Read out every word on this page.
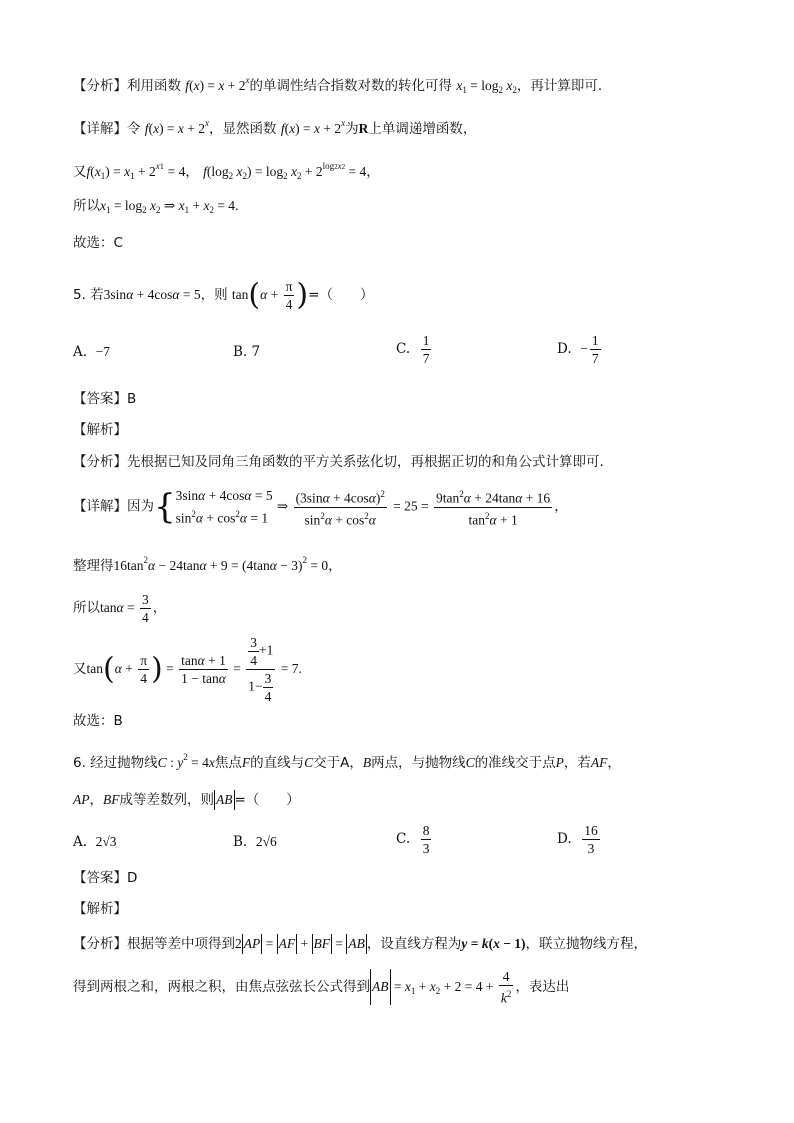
【分析】利用函数 $f(x) = x + 2^x$的单调性结合指数对数的转化可得 $x_1 = \log_2 x_2$，再计算即可.
【详解】令 $f(x) = x + 2^x$，显然函数 $f(x) = x + 2^x$为R上单调递增函数，
又$f(x_1) = x_1 + 2^{x1} = 4$， $f(\log_2$ $x_2) = \log_2 x_2 + 2^{log2x2} = 4$，
所以$x_1 = \log_2 x_2$ ⇒ $x_1 + x_2 = 4$.
故选：C
5. 若3sinα + 4cosα = 5，则 $\tan(\alpha + \frac{\pi}{4}$ )=（　　）
A. −7	B. 7	C. $\frac{1}{7}$	D. − $\frac{1}{7}$
【答案】B
【解析】
【分析】先根据已知及同角三角函数的平方关系弦化切，再根据正切的和角公式计算即可.
【详解】因为{ 3sinα + 4cosα = 5
$\sin^2\alpha + \cos^2\alpha = 1$
⇒ $\frac{(3\sin\alpha + 4\cos\alpha)^2}{\sin^2\alpha + \cos^2\alpha} = 25 = \frac{9\tan^2\alpha + 24\tan\alpha + 16}{\tan^2\alpha + 1}$ ，
整理得$16\tan^2\alpha - 24\tan\alpha + 9 = (4\tan\alpha - 3)^2 = 0$，
所以$\tan\alpha = \frac{3}{4}$ ，
又$\tan(\alpha + \frac{\pi}{4}$ ) = $\frac{\tan\alpha + 1}{1 - \tan\alpha} = \frac{\frac{3}{4} +1}{1- \frac{3}{4}} = 7$.
故选：B
6. 经过抛物线C : $y^2 = 4x$焦点F的直线与C交于A，B两点，与抛物线C的准线交于点P，若AF，
AP，BF成等差数列，则 AB =（　　）
A. 2√3	B. 2√6	C. $\frac{8}{3}$	D. $\frac{16}{3}$
【答案】D
【解析】
【分析】根据等差中项得到2 AP = AF + BF = AB ，设直线方程为y = k(x − 1)，联立抛物线方程，
得到两根之和，两根之积，由焦点弦弦长公式得到 AB = $x_1 + x_2 + 2 = 4 + \frac{4}{k^2}$ ，表达出
